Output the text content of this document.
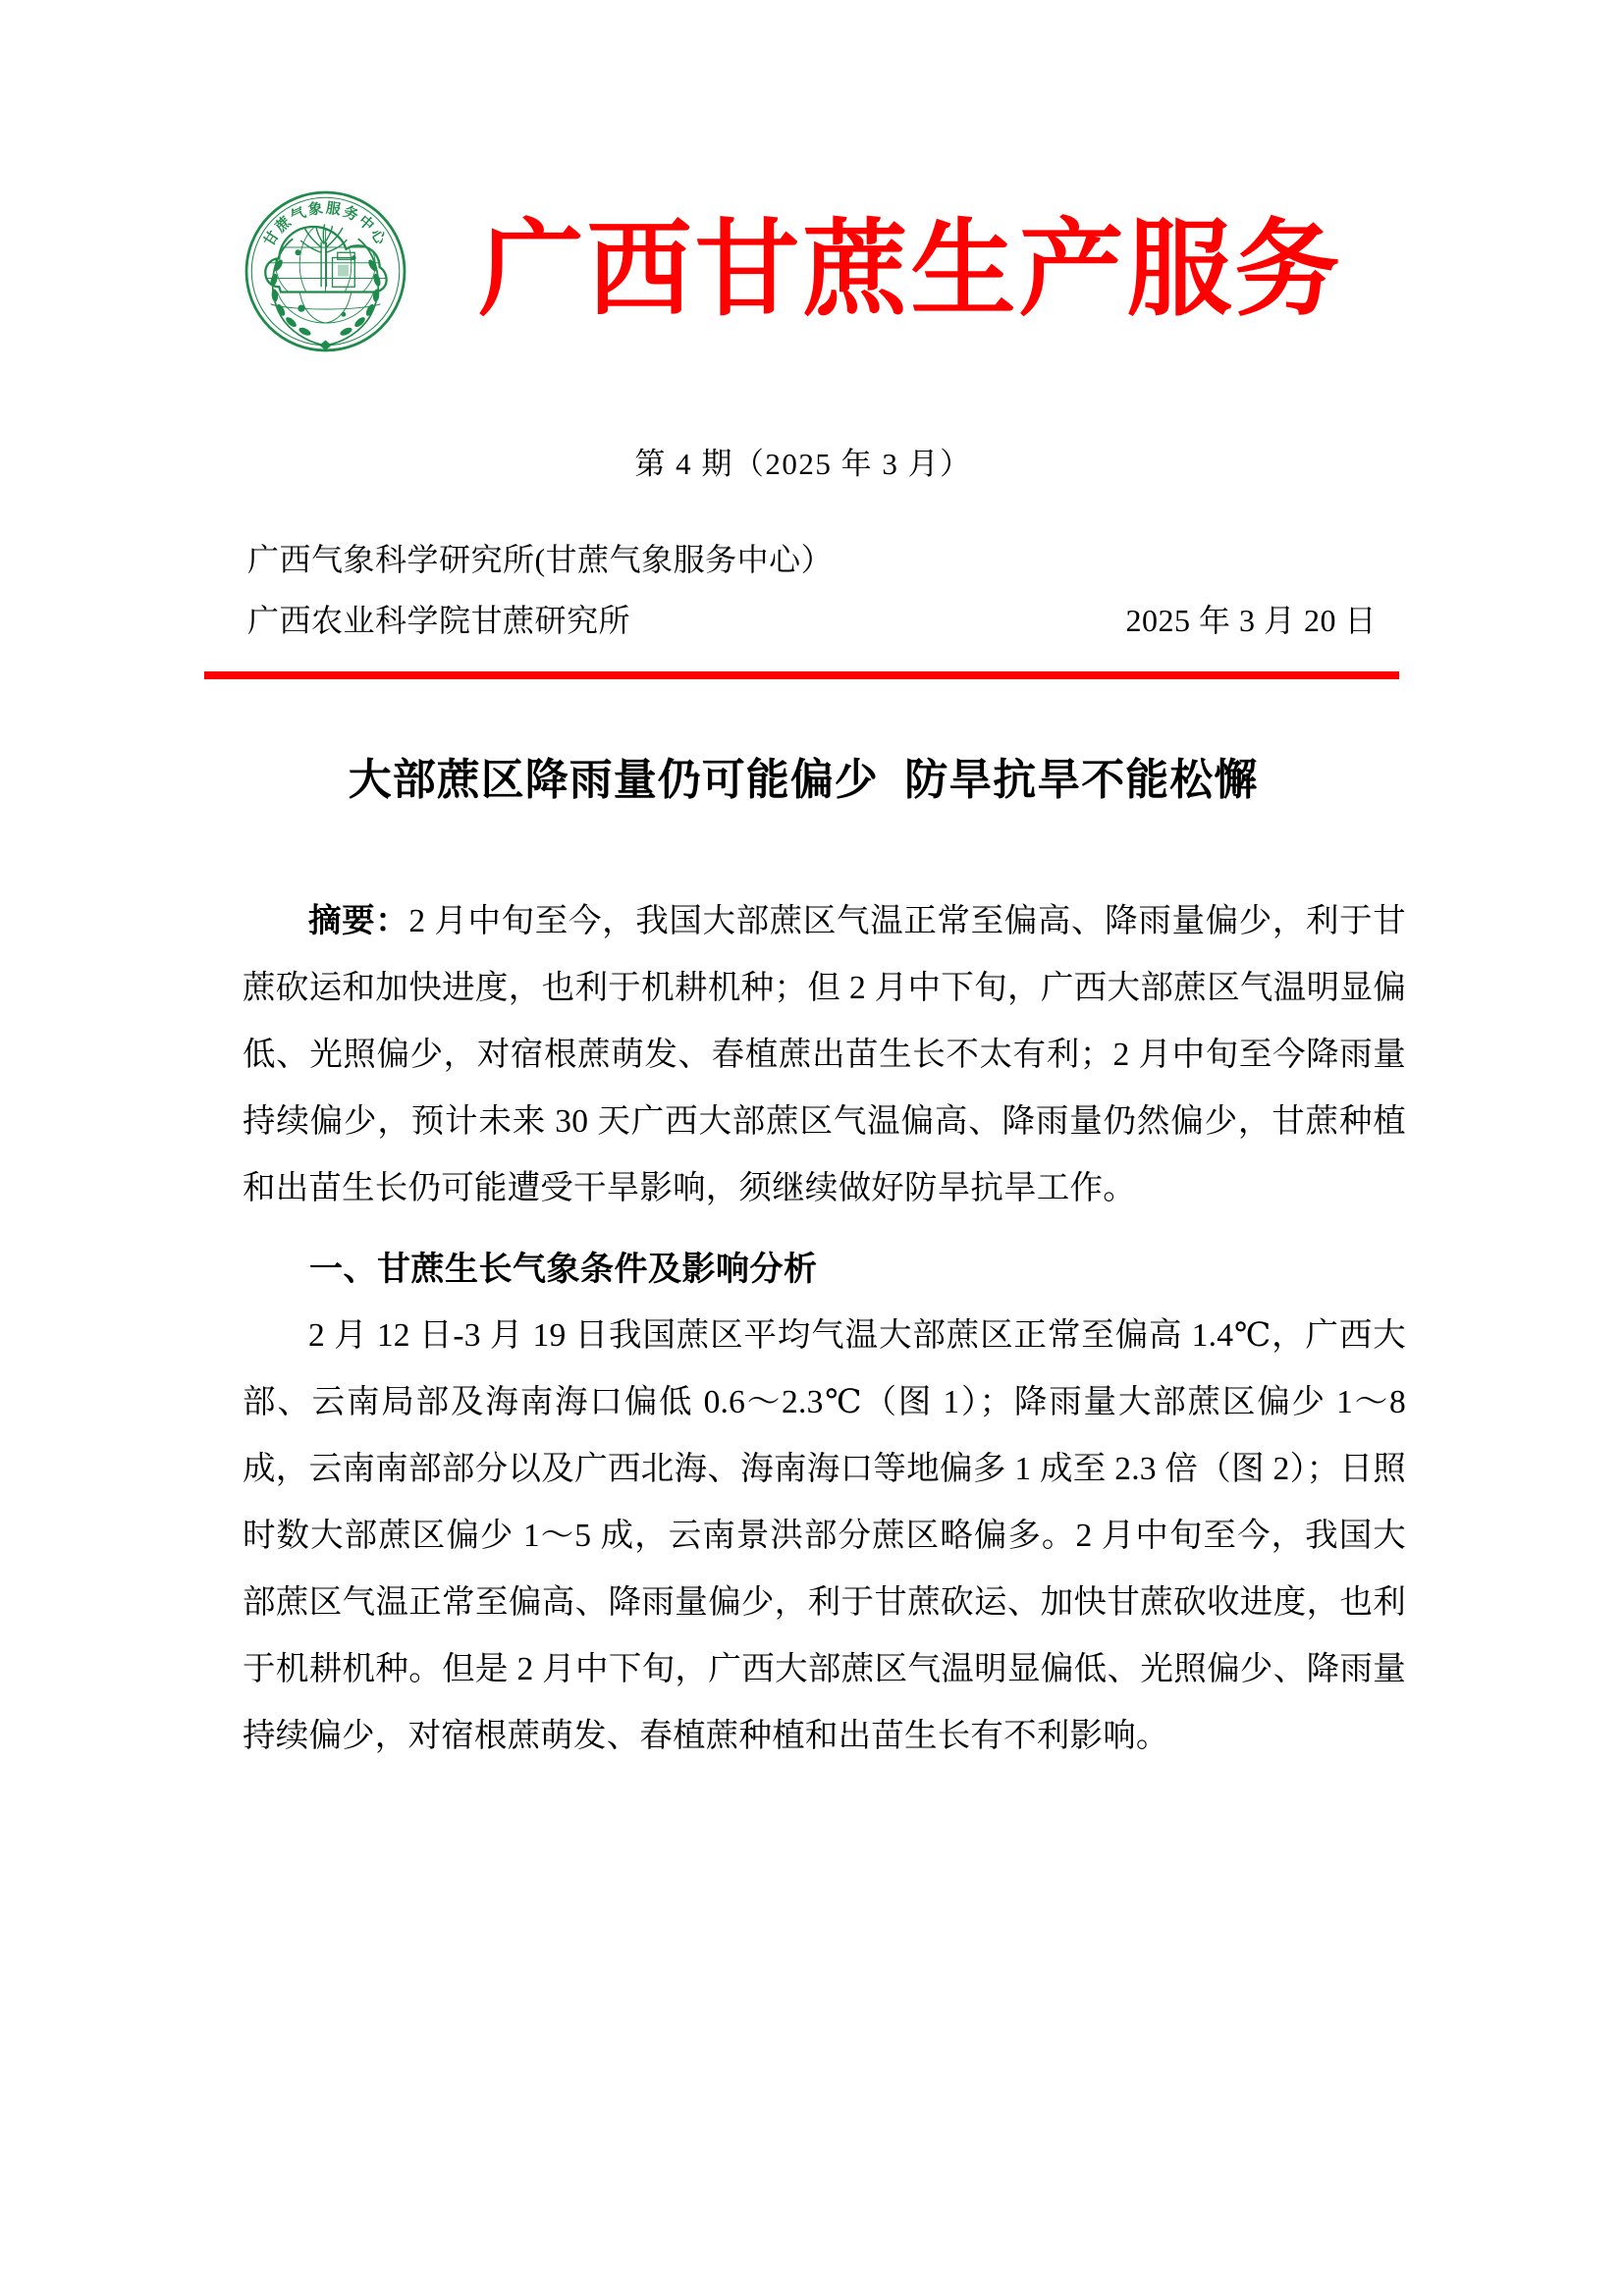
甘蔗气象服务中心 广西甘蔗生产服务
第 4 期（2025 年 3 月）
广西气象科学研究所(甘蔗气象服务中心）
广西农业科学院甘蔗研究所	2025 年 3 月 20 日
大部蔗区降雨量仍可能偏少  防旱抗旱不能松懈

摘要：2 月中旬至今，我国大部蔗区气温正常至偏高、降雨量偏少，利于甘蔗砍运和加快进度，也利于机耕机种；但 2 月中下旬，广西大部蔗区气温明显偏低、光照偏少，对宿根蔗萌发、春植蔗出苗生长不太有利；2 月中旬至今降雨量持续偏少，预计未来 30 天广西大部蔗区气温偏高、降雨量仍然偏少，甘蔗种植和出苗生长仍可能遭受干旱影响，须继续做好防旱抗旱工作。

一、甘蔗生长气象条件及影响分析

2 月 12 日-3 月 19 日我国蔗区平均气温大部蔗区正常至偏高 1.4℃，广西大部、云南局部及海南海口偏低 0.6～2.3℃（图 1）；降雨量大部蔗区偏少 1～8 成，云南南部部分以及广西北海、海南海口等地偏多 1 成至 2.3 倍（图 2）；日照时数大部蔗区偏少 1～5 成，云南景洪部分蔗区略偏多。2 月中旬至今，我国大部蔗区气温正常至偏高、降雨量偏少，利于甘蔗砍运、加快甘蔗砍收进度，也利于机耕机种。但是 2 月中下旬，广西大部蔗区气温明显偏低、光照偏少、降雨量持续偏少，对宿根蔗萌发、春植蔗种植和出苗生长有不利影响。
